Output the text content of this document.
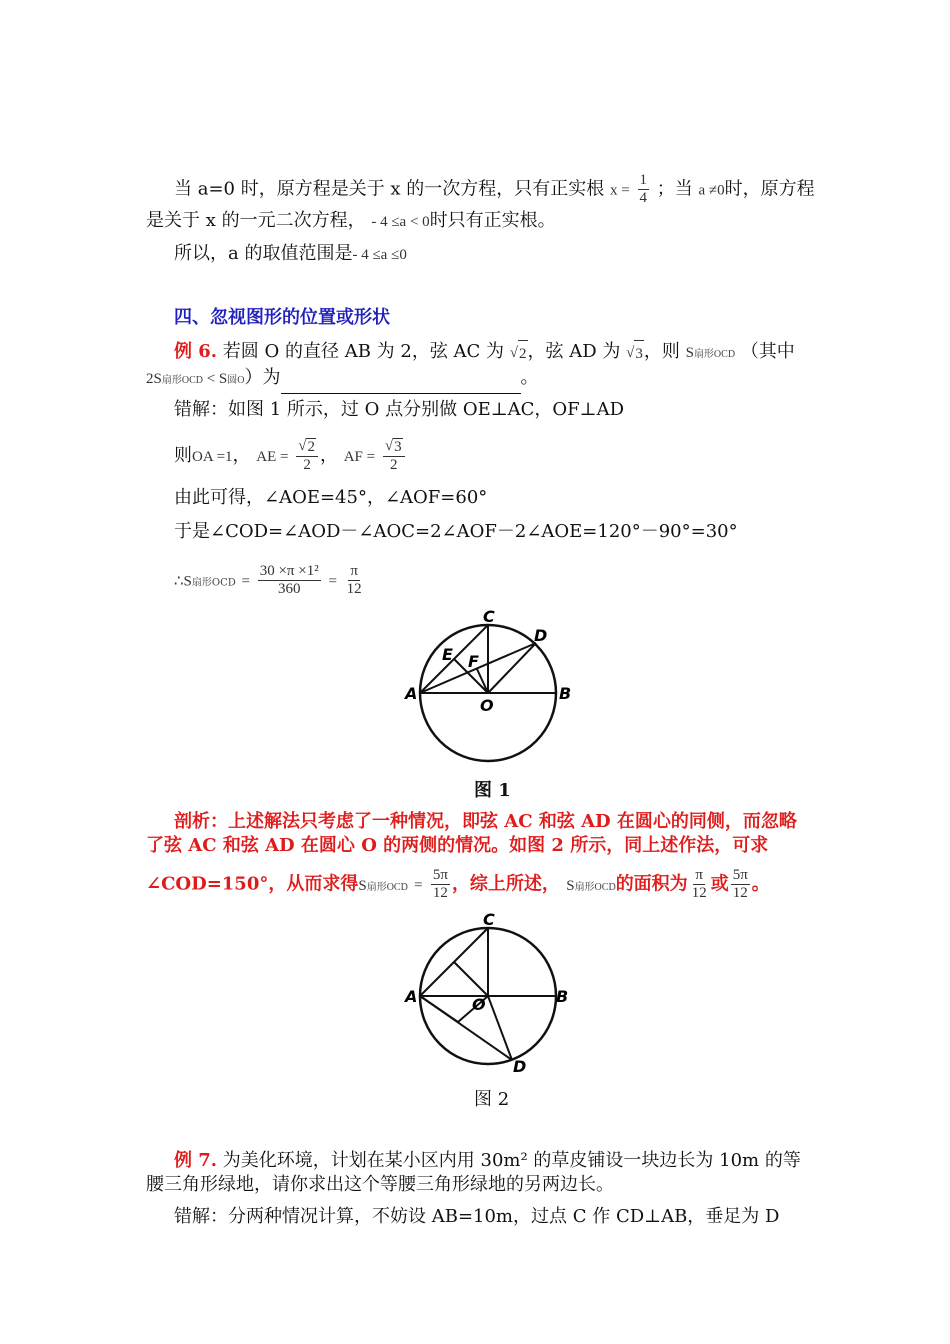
当 a=0 时，原方程是关于 x 的一次方程，只有正实根 $x = \frac{1}{4}$ ；当 a ≠0时，原方程
是关于 x 的一元二次方程， - 4 ≤a < 0时只有正实根。
所以，a 的取值范围是- 4 ≤a ≤0
四、忽视图形的位置或形状
例 6. 若圆 O 的直径 AB 为 2，弦 AC 为 √ 2 ，弦 AD 为 √ 3 ，则 S扇形OCD （其中
2S扇形OCD < S圆O）为	。
错解：如图 1 所示，过 O 点分别做 OE⊥AC，OF⊥AD
则OA =1， AE = $\frac{√ 2}{2}$ ， AF = $\frac{√ 3}{2}$
由此可得，∠AOE=45°，∠AOF=60°
于是∠COD=∠AOD－∠AOC=2∠AOF－2∠AOE=120°－90°=30°
∴S扇形OCD = $\frac{\text{30 ×π ×1²}}{360} = \frac{\pi}{12}$
C
D
E F
A	B
O
图 1
剖析：上述解法只考虑了一种情况，即弦 AC 和弦 AD 在圆心的同侧，而忽略
了弦 AC 和弦 AD 在圆心 O 的两侧的情况。如图 2 所示，同上述作法，可求
∠COD=150°，从而求得S扇形OCD = $\frac{5\pi}{12}$ ，综上所述， S扇形OCD的面积为 $\frac{\pi}{12}$ 或 $\frac{5\pi}{12}$ 。
C
A	B
O
D
图 2
例 7. 为美化环境，计划在某小区内用 30m² 的草皮铺设一块边长为 10m 的等
腰三角形绿地，请你求出这个等腰三角形绿地的另两边长。
错解：分两种情况计算，不妨设 AB=10m，过点 C 作 CD⊥AB，垂足为 D
